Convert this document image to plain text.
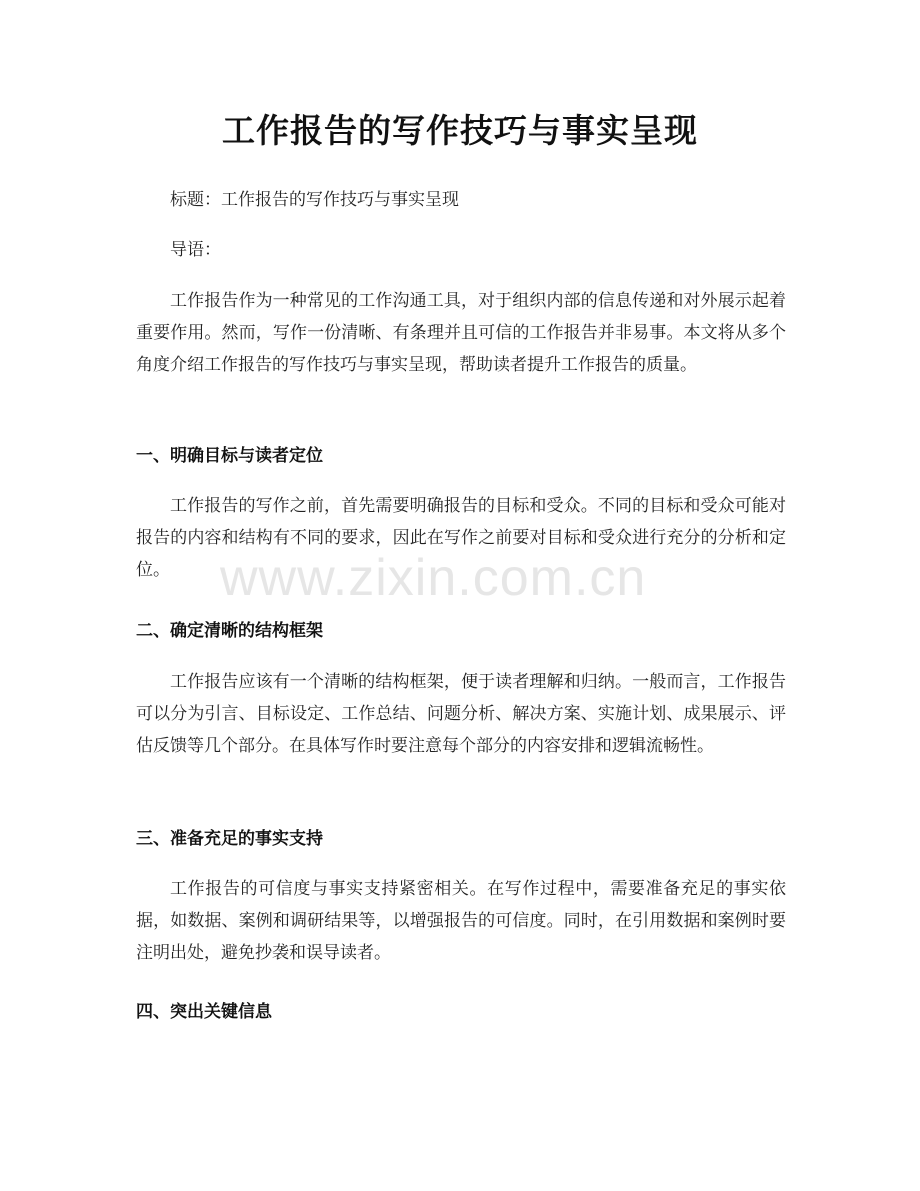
工作报告的写作技巧与事实呈现

标题：工作报告的写作技巧与事实呈现

导语：

工作报告作为一种常见的工作沟通工具，对于组织内部的信息传递和对外展示起着重要作用。然而，写作一份清晰、有条理并且可信的工作报告并非易事。本文将从多个角度介绍工作报告的写作技巧与事实呈现，帮助读者提升工作报告的质量。

一、明确目标与读者定位

工作报告的写作之前，首先需要明确报告的目标和受众。不同的目标和受众可能对报告的内容和结构有不同的要求，因此在写作之前要对目标和受众进行充分的分析和定位。

二、确定清晰的结构框架

工作报告应该有一个清晰的结构框架，便于读者理解和归纳。一般而言，工作报告可以分为引言、目标设定、工作总结、问题分析、解决方案、实施计划、成果展示、评估反馈等几个部分。在具体写作时要注意每个部分的内容安排和逻辑流畅性。

三、准备充足的事实支持

工作报告的可信度与事实支持紧密相关。在写作过程中，需要准备充足的事实依据，如数据、案例和调研结果等，以增强报告的可信度。同时，在引用数据和案例时要注明出处，避免抄袭和误导读者。

四、突出关键信息
www.zixin.com.cn
